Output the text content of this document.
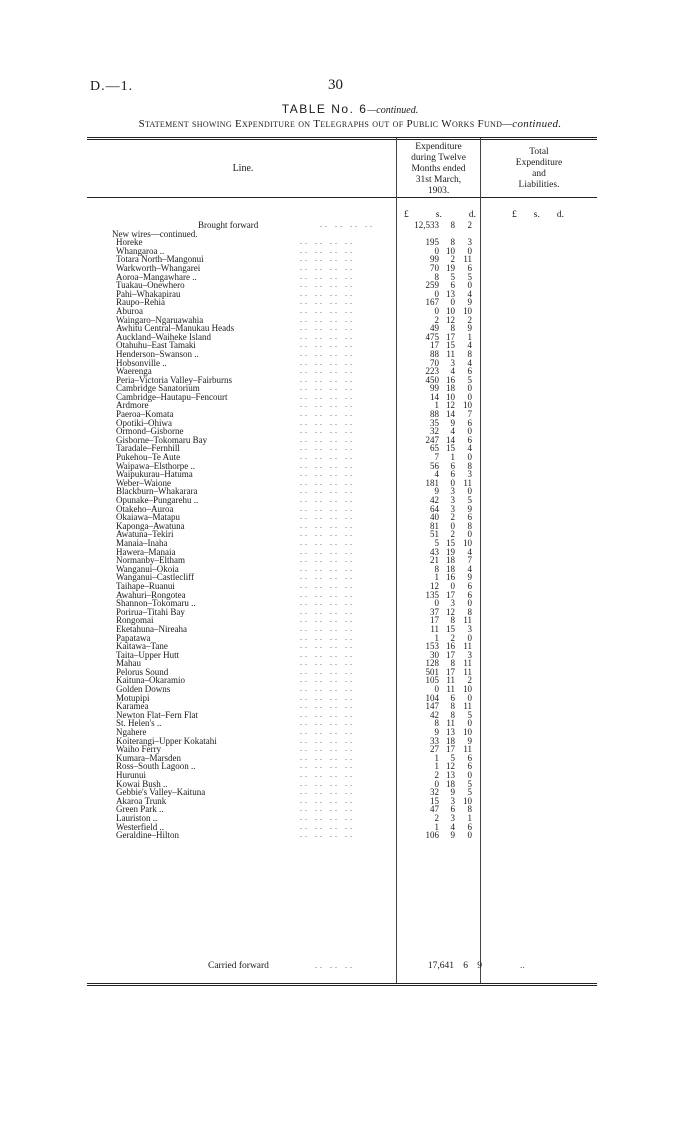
D.—1.	30
TABLE No. 6—continued.
Statement showing Expenditure on Telegraphs out of Public Works Fund—continued.
Line.
Expenditure
during Twelve
Months ended
31st March,
1903.
Total
Expenditure
and
Liabilities.
£	s.	d.	£ s. d.
Brought forward	.. .. .. ..	12,533	8	2
New wires—continued.
Horeke	.. .. .. ..	195	8	3
Whangaroa ..	.. .. .. ..	0 10	0
Totara North–Mangonui	.. .. .. ..	99	2 11
Warkworth–Whangarei	.. .. .. ..	70 19	6
Aoroa–Mangawhare ..	.. .. .. ..	8	5	5
Tuakau–Onewhero	.. .. .. ..	259	6	0
Pahi–Whakapirau	.. .. .. ..	0 13	4
Raupo–Rehia	.. .. .. ..	167	0	9
Aburoa	.. .. .. ..	0 10 10
Waingaro–Ngaruawahia	.. .. .. ..	2 12	2
Awhitu Central–Manukau Heads	.. .. .. ..	49	8	9
Auckland–Waiheke Island	.. .. .. ..	475 17	1
Otahuhu–East Tamaki	.. .. .. ..	17 15	4
Henderson–Swanson ..	.. .. .. ..	88 11	8
Hobsonville ..	.. .. .. ..	70	3	4
Waerenga	.. .. .. ..	223	4	6
Peria–Victoria Valley–Fairburns	.. .. .. ..	450 16	5
Cambridge Sanatorium	.. .. .. ..	99 18	0
Cambridge–Hautapu–Fencourt	.. .. .. ..	14 10	0
Ardmore	.. .. .. ..	1 12 10
Paeroa–Komata	.. .. .. ..	88 14	7
Opotiki–Ohiwa	.. .. .. ..	35	9	6
Ormond–Gisborne	.. .. .. ..	32	4	0
Gisborne–Tokomaru Bay	.. .. .. ..	247 14	6
Taradale–Fernhill	.. .. .. ..	65 15	4
Pukehou–Te Aute	.. .. .. ..	7	1	0
Waipawa–Elsthorpe ..	.. .. .. ..	56	6	8
Waipukurau–Hatuma	.. .. .. ..	4	6	3
Weber–Waione	.. .. .. ..	181	0 11
Blackburn–Whakarara	.. .. .. ..	9	3	0
Opunake–Pungarehu ..	.. .. .. ..	42	3	5
Otakeho–Auroa	.. .. .. ..	64	3	9
Okaiawa–Matapu	.. .. .. ..	40	2	6
Kaponga–Awatuna	.. .. .. ..	81	0	8
Awatuna–Tekiri	.. .. .. ..	51	2	0
Manaia–Inaha	.. .. .. ..	5 15 10
Hawera–Manaia	.. .. .. ..	43 19	4
Normanby–Eltham	.. .. .. ..	21 18	7
Wanganui–Okoia	.. .. .. ..	8 18	4
Wanganui–Castlecliff	.. .. .. ..	1 16	9
Taihape–Ruanui	.. .. .. ..	12	0	6
Awahuri–Rongotea	.. .. .. ..	135 17	6
Shannon–Tokomaru ..	.. .. .. ..	0	3	0
Porirua–Titahi Bay	.. .. .. ..	37 12	8
Rongomai	.. .. .. ..	17	8 11
Eketahuna–Nireaha	.. .. .. ..	11 15	3
Papatawa	.. .. .. ..	1	2	0
Kaitawa–Tane	.. .. .. ..	153 16 11
Taita–Upper Hutt	.. .. .. ..	30 17	3
Mahau	.. .. .. ..	128	8 11
Pelorus Sound	.. .. .. ..	501 17 11
Kaituna–Okaramio	.. .. .. ..	105 11	2
Golden Downs	.. .. .. ..	0 11 10
Motupipi	.. .. .. ..	104	6	0
Karamea	.. .. .. ..	147	8 11
Newton Flat–Fern Flat	.. .. .. ..	42	8	5
St. Helen's ..	.. .. .. ..	8 11	0
Ngahere	.. .. .. ..	9 13 10
Koiterangi–Upper Kokatahi	.. .. .. ..	33 18	9
Waiho Ferry	.. .. .. ..	27 17 11
Kumara–Marsden	.. .. .. ..	1	5	6
Ross–South Lagoon ..	.. .. .. ..	1 12	6
Hurunui	.. .. .. ..	2 13	0
Kowai Bush ..	.. .. .. ..	0 18	5
Gebbie's Valley–Kaituna	.. .. .. ..	32	9	5
Akaroa Trunk	.. .. .. ..	15	3 10
Green Park ..	.. .. .. ..	47	6	8
Lauriston ..	.. .. .. ..	2	3	1
Westerfield ..	.. .. .. ..	1	4	6
Geraldine–Hilton	.. .. .. ..	106	9	0
Carried forward	.. .. ..	17,641 6 9	..
